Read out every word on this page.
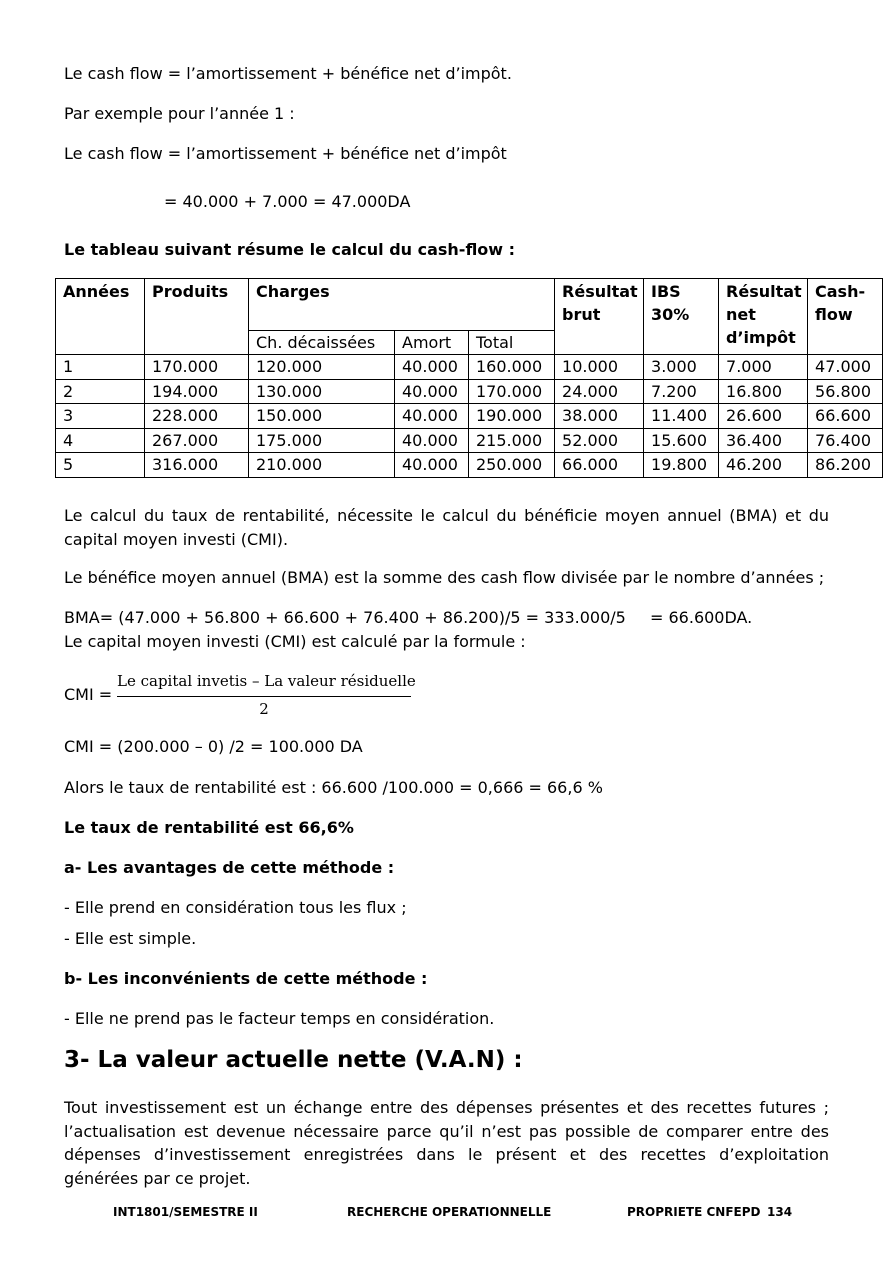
Le cash flow = l’amortissement + bénéfice net d’impôt.
Par exemple pour l’année 1 :
Le cash flow = l’amortissement + bénéfice net d’impôt
= 40.000 + 7.000 = 47.000DA
Le tableau suivant résume le calcul du cash-flow :
Années	Produits	Charges			Résultat brut	IBS 30%	Résultat net d’impôt	Cash-flow
		Ch. décaissées	Amort	Total				
1	170.000	120.000	40.000	160.000	10.000	3.000	7.000	47.000
2	194.000	130.000	40.000	170.000	24.000	7.200	16.800	56.800
3	228.000	150.000	40.000	190.000	38.000	11.400	26.600	66.600
4	267.000	175.000	40.000	215.000	52.000	15.600	36.400	76.400
5	316.000	210.000	40.000	250.000	66.000	19.800	46.200	86.200
Le calcul du taux de rentabilité, nécessite le calcul du bénéficie moyen annuel (BMA) et du capital moyen investi (CMI).
Le bénéfice moyen annuel (BMA) est la somme des cash flow divisée par le nombre d’années ;
BMA= (47.000 + 56.800 + 66.600 + 76.400 + 86.200)/5 = 333.000/5 = 66.600DA.
Le capital moyen investi (CMI) est calculé par la formule :
CMI =
Le capital invetis – La valeur résiduelle
2
CMI = (200.000 – 0) /2 = 100.000 DA
Alors le taux de rentabilité est : 66.600 /100.000 = 0,666 = 66,6 %
Le taux de rentabilité est 66,6%
a- Les avantages de cette méthode :
- Elle prend en considération tous les flux ;
- Elle est simple.
b- Les inconvénients de cette méthode :
- Elle ne prend pas le facteur temps en considération.
3- La valeur actuelle nette (V.A.N) :
Tout investissement est un échange entre des dépenses présentes et des recettes futures ; l’actualisation est devenue nécessaire parce qu’il n’est pas possible de comparer entre des dépenses d’investissement enregistrées dans le présent et des recettes d’exploitation générées par ce projet.
INT1801/SEMESTRE II	RECHERCHE OPERATIONNELLE	PROPRIETE CNFEPD 134
